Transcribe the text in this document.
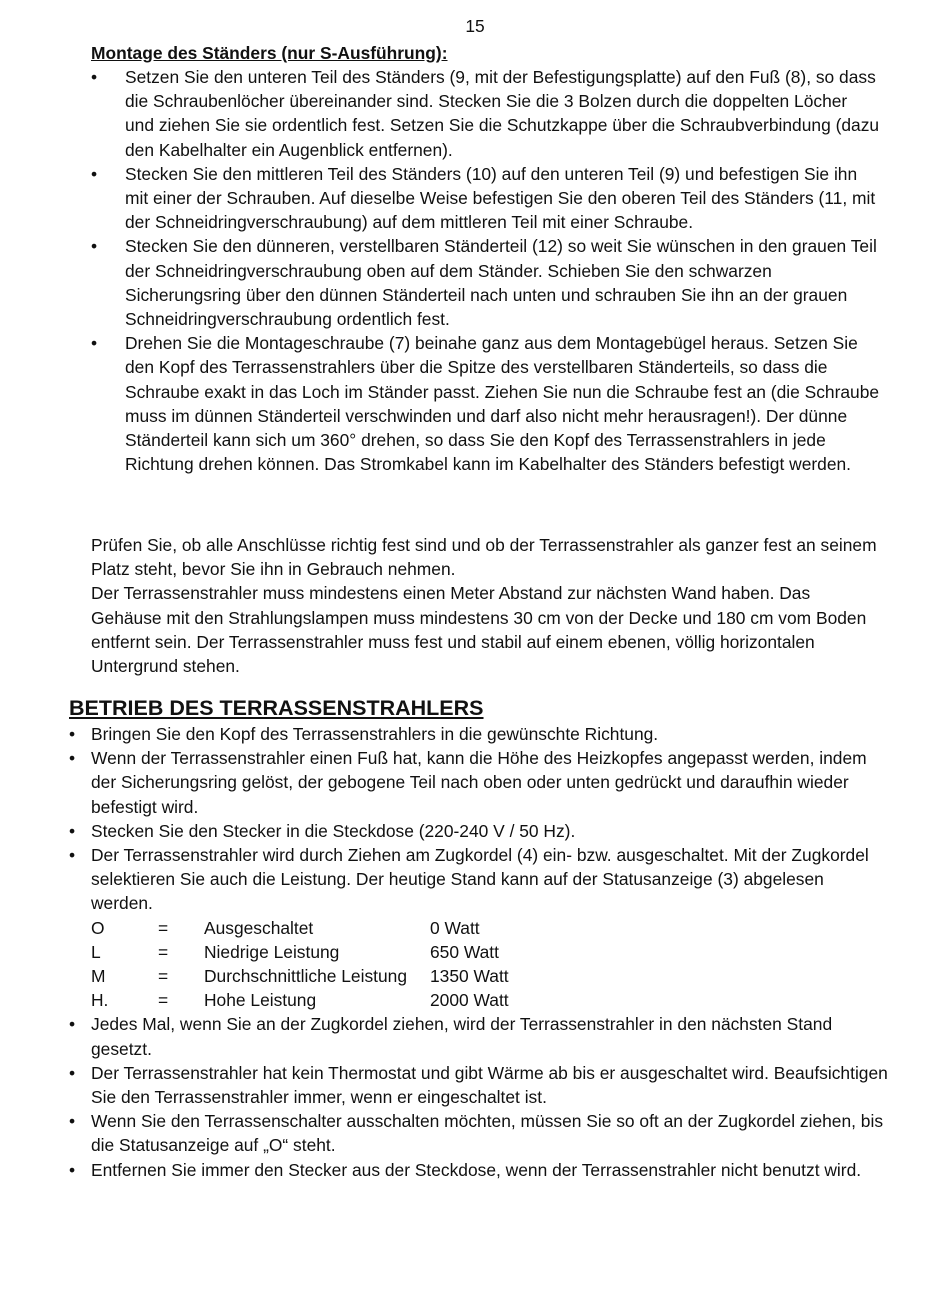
15
Montage des Ständers (nur S-Ausführung):
• Setzen Sie den unteren Teil des Ständers (9, mit der Befestigungsplatte) auf den Fuß (8), so dass die Schraubenlöcher übereinander sind. Stecken Sie die 3 Bolzen durch die doppelten Löcher und ziehen Sie sie ordentlich fest. Setzen Sie die Schutzkappe über die Schraubverbindung (dazu den Kabelhalter ein Augenblick entfernen).
• Stecken Sie den mittleren Teil des Ständers (10) auf den unteren Teil (9) und befestigen Sie ihn mit einer der Schrauben. Auf dieselbe Weise befestigen Sie den oberen Teil des Ständers (11, mit der Schneidringverschraubung) auf dem mittleren Teil mit einer Schraube.
• Stecken Sie den dünneren, verstellbaren Ständerteil (12) so weit Sie wünschen in den grauen Teil der Schneidringverschraubung oben auf dem Ständer. Schieben Sie den schwarzen Sicherungsring über den dünnen Ständerteil nach unten und schrauben Sie ihn an der grauen Schneidringverschraubung ordentlich fest.
• Drehen Sie die Montageschraube (7) beinahe ganz aus dem Montagebügel heraus. Setzen Sie den Kopf des Terrassenstrahlers über die Spitze des verstellbaren Ständerteils, so dass die Schraube exakt in das Loch im Ständer passt. Ziehen Sie nun die Schraube fest an (die Schraube muss im dünnen Ständerteil verschwinden und darf also nicht mehr herausragen!). Der dünne Ständerteil kann sich um 360° drehen, so dass Sie den Kopf des Terrassenstrahlers in jede Richtung drehen können. Das Stromkabel kann im Kabelhalter des Ständers befestigt werden.

Prüfen Sie, ob alle Anschlüsse richtig fest sind und ob der Terrassenstrahler als ganzer fest an seinem Platz steht, bevor Sie ihn in Gebrauch nehmen.

Der Terrassenstrahler muss mindestens einen Meter Abstand zur nächsten Wand haben. Das Gehäuse mit den Strahlungslampen muss mindestens 30 cm von der Decke und 180 cm vom Boden entfernt sein. Der Terrassenstrahler muss fest und stabil auf einem ebenen, völlig horizontalen Untergrund stehen.

BETRIEB DES TERRASSENSTRAHLERS
• Bringen Sie den Kopf des Terrassenstrahlers in die gewünschte Richtung.
• Wenn der Terrassenstrahler einen Fuß hat, kann die Höhe des Heizkopfes angepasst werden, indem der Sicherungsring gelöst, der gebogene Teil nach oben oder unten gedrückt und daraufhin wieder befestigt wird.
• Stecken Sie den Stecker in die Steckdose (220-240 V / 50 Hz).
• Der Terrassenstrahler wird durch Ziehen am Zugkordel (4) ein- bzw. ausgeschaltet. Mit der Zugkordel selektieren Sie auch die Leistung. Der heutige Stand kann auf der Statusanzeige (3) abgelesen werden.
O	= Ausgeschaltet	0 Watt
L	= Niedrige Leistung	650 Watt
M	= Durchschnittliche Leistung 1350 Watt
H.	= Hohe Leistung	2000 Watt
• Jedes Mal, wenn Sie an der Zugkordel ziehen, wird der Terrassenstrahler in den nächsten Stand gesetzt.
• Der Terrassenstrahler hat kein Thermostat und gibt Wärme ab bis er ausgeschaltet wird. Beaufsichtigen Sie den Terrassenstrahler immer, wenn er eingeschaltet ist.
• Wenn Sie den Terrassenschalter ausschalten möchten, müssen Sie so oft an der Zugkordel ziehen, bis die Statusanzeige auf „O“ steht.
• Entfernen Sie immer den Stecker aus der Steckdose, wenn der Terrassenstrahler nicht benutzt wird.
